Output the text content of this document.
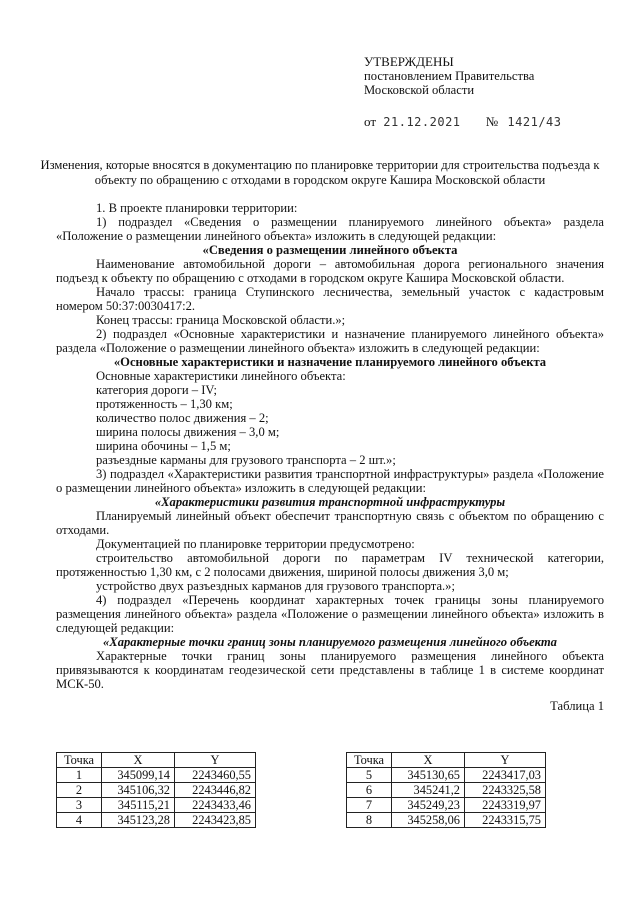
УТВЕРЖДЕНЫ
постановлением Правительства
Московской области
от 21.12.2021 № 1421/43
Изменения, которые вносятся в документацию по планировке территории для строительства подъезда к объекту по обращению с отходами в городском округе Кашира Московской области

1. В проекте планировки территории:

1) подраздел «Сведения о размещении планируемого линейного объекта» раздела «Положение о размещении линейного объекта» изложить в следующей редакции:

«Сведения о размещении линейного объекта

Наименование автомобильной дороги – автомобильная дорога регионального значения подъезд к объекту по обращению с отходами в городском округе Кашира Московской области.

Начало трассы: граница Ступинского лесничества, земельный участок с кадастровым номером 50:37:0030417:2.

Конец трассы: граница Московской области.»;

2) подраздел «Основные характеристики и назначение планируемого линейного объекта» раздела «Положение о размещении линейного объекта» изложить в следующей редакции:

«Основные характеристики и назначение планируемого линейного объекта

Основные характеристики линейного объекта:

категория дороги – IV;

протяженность – 1,30 км;

количество полос движения – 2;

ширина полосы движения – 3,0 м;

ширина обочины – 1,5 м;

разъездные карманы для грузового транспорта – 2 шт.»;

3) подраздел «Характеристики развития транспортной инфраструктуры» раздела «Положение о размещении линейного объекта» изложить в следующей редакции:

«Характеристики развития транспортной инфраструктуры

Планируемый линейный объект обеспечит транспортную связь с объектом по обращению с отходами.

Документацией по планировке территории предусмотрено:

строительство автомобильной дороги по параметрам IV технической категории, протяженностью 1,30 км, с 2 полосами движения, шириной полосы движения 3,0 м;

устройство двух разъездных карманов для грузового транспорта.»;

4) подраздел «Перечень координат характерных точек границы зоны планируемого размещения линейного объекта» раздела «Положение о размещении линейного объекта» изложить в следующей редакции:

«Характерные точки границ зоны планируемого размещения линейного объекта

Характерные точки границ зоны планируемого размещения линейного объекта привязываются к координатам геодезической сети представлены в таблице 1 в системе координат МСК-50.

Таблица 1

Точка	X	Y
1	345099,14	2243460,55
2	345106,32	2243446,82
3	345115,21	2243433,46
4	345123,28	2243423,85
Точка	X	Y
5	345130,65	2243417,03
6	345241,2	2243325,58
7	345249,23	2243319,97
8	345258,06	2243315,75
